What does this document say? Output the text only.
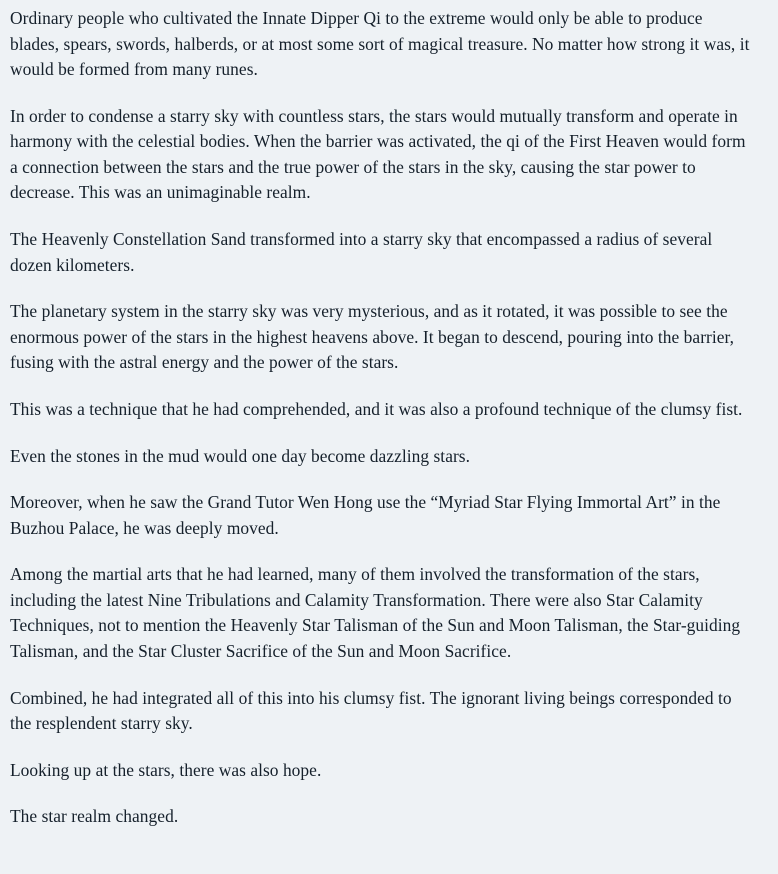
Ordinary people who cultivated the Innate Dipper Qi to the extreme would only be able to produce blades, spears, swords, halberds, or at most some sort of magical treasure. No matter how strong it was, it would be formed from many runes.

In order to condense a starry sky with countless stars, the stars would mutually transform and operate in harmony with the celestial bodies. When the barrier was activated, the qi of the First Heaven would form a connection between the stars and the true power of the stars in the sky, causing the star power to decrease. This was an unimaginable realm.

The Heavenly Constellation Sand transformed into a starry sky that encompassed a radius of several dozen kilometers.

The planetary system in the starry sky was very mysterious, and as it rotated, it was possible to see the enormous power of the stars in the highest heavens above. It began to descend, pouring into the barrier, fusing with the astral energy and the power of the stars.

This was a technique that he had comprehended, and it was also a profound technique of the clumsy fist.

Even the stones in the mud would one day become dazzling stars.

Moreover, when he saw the Grand Tutor Wen Hong use the “Myriad Star Flying Immortal Art” in the Buzhou Palace, he was deeply moved.

Among the martial arts that he had learned, many of them involved the transformation of the stars, including the latest Nine Tribulations and Calamity Transformation. There were also Star Calamity Techniques, not to mention the Heavenly Star Talisman of the Sun and Moon Talisman, the Star-guiding Talisman, and the Star Cluster Sacrifice of the Sun and Moon Sacrifice.

Combined, he had integrated all of this into his clumsy fist. The ignorant living beings corresponded to the resplendent starry sky.

Looking up at the stars, there was also hope.

The star realm changed.
